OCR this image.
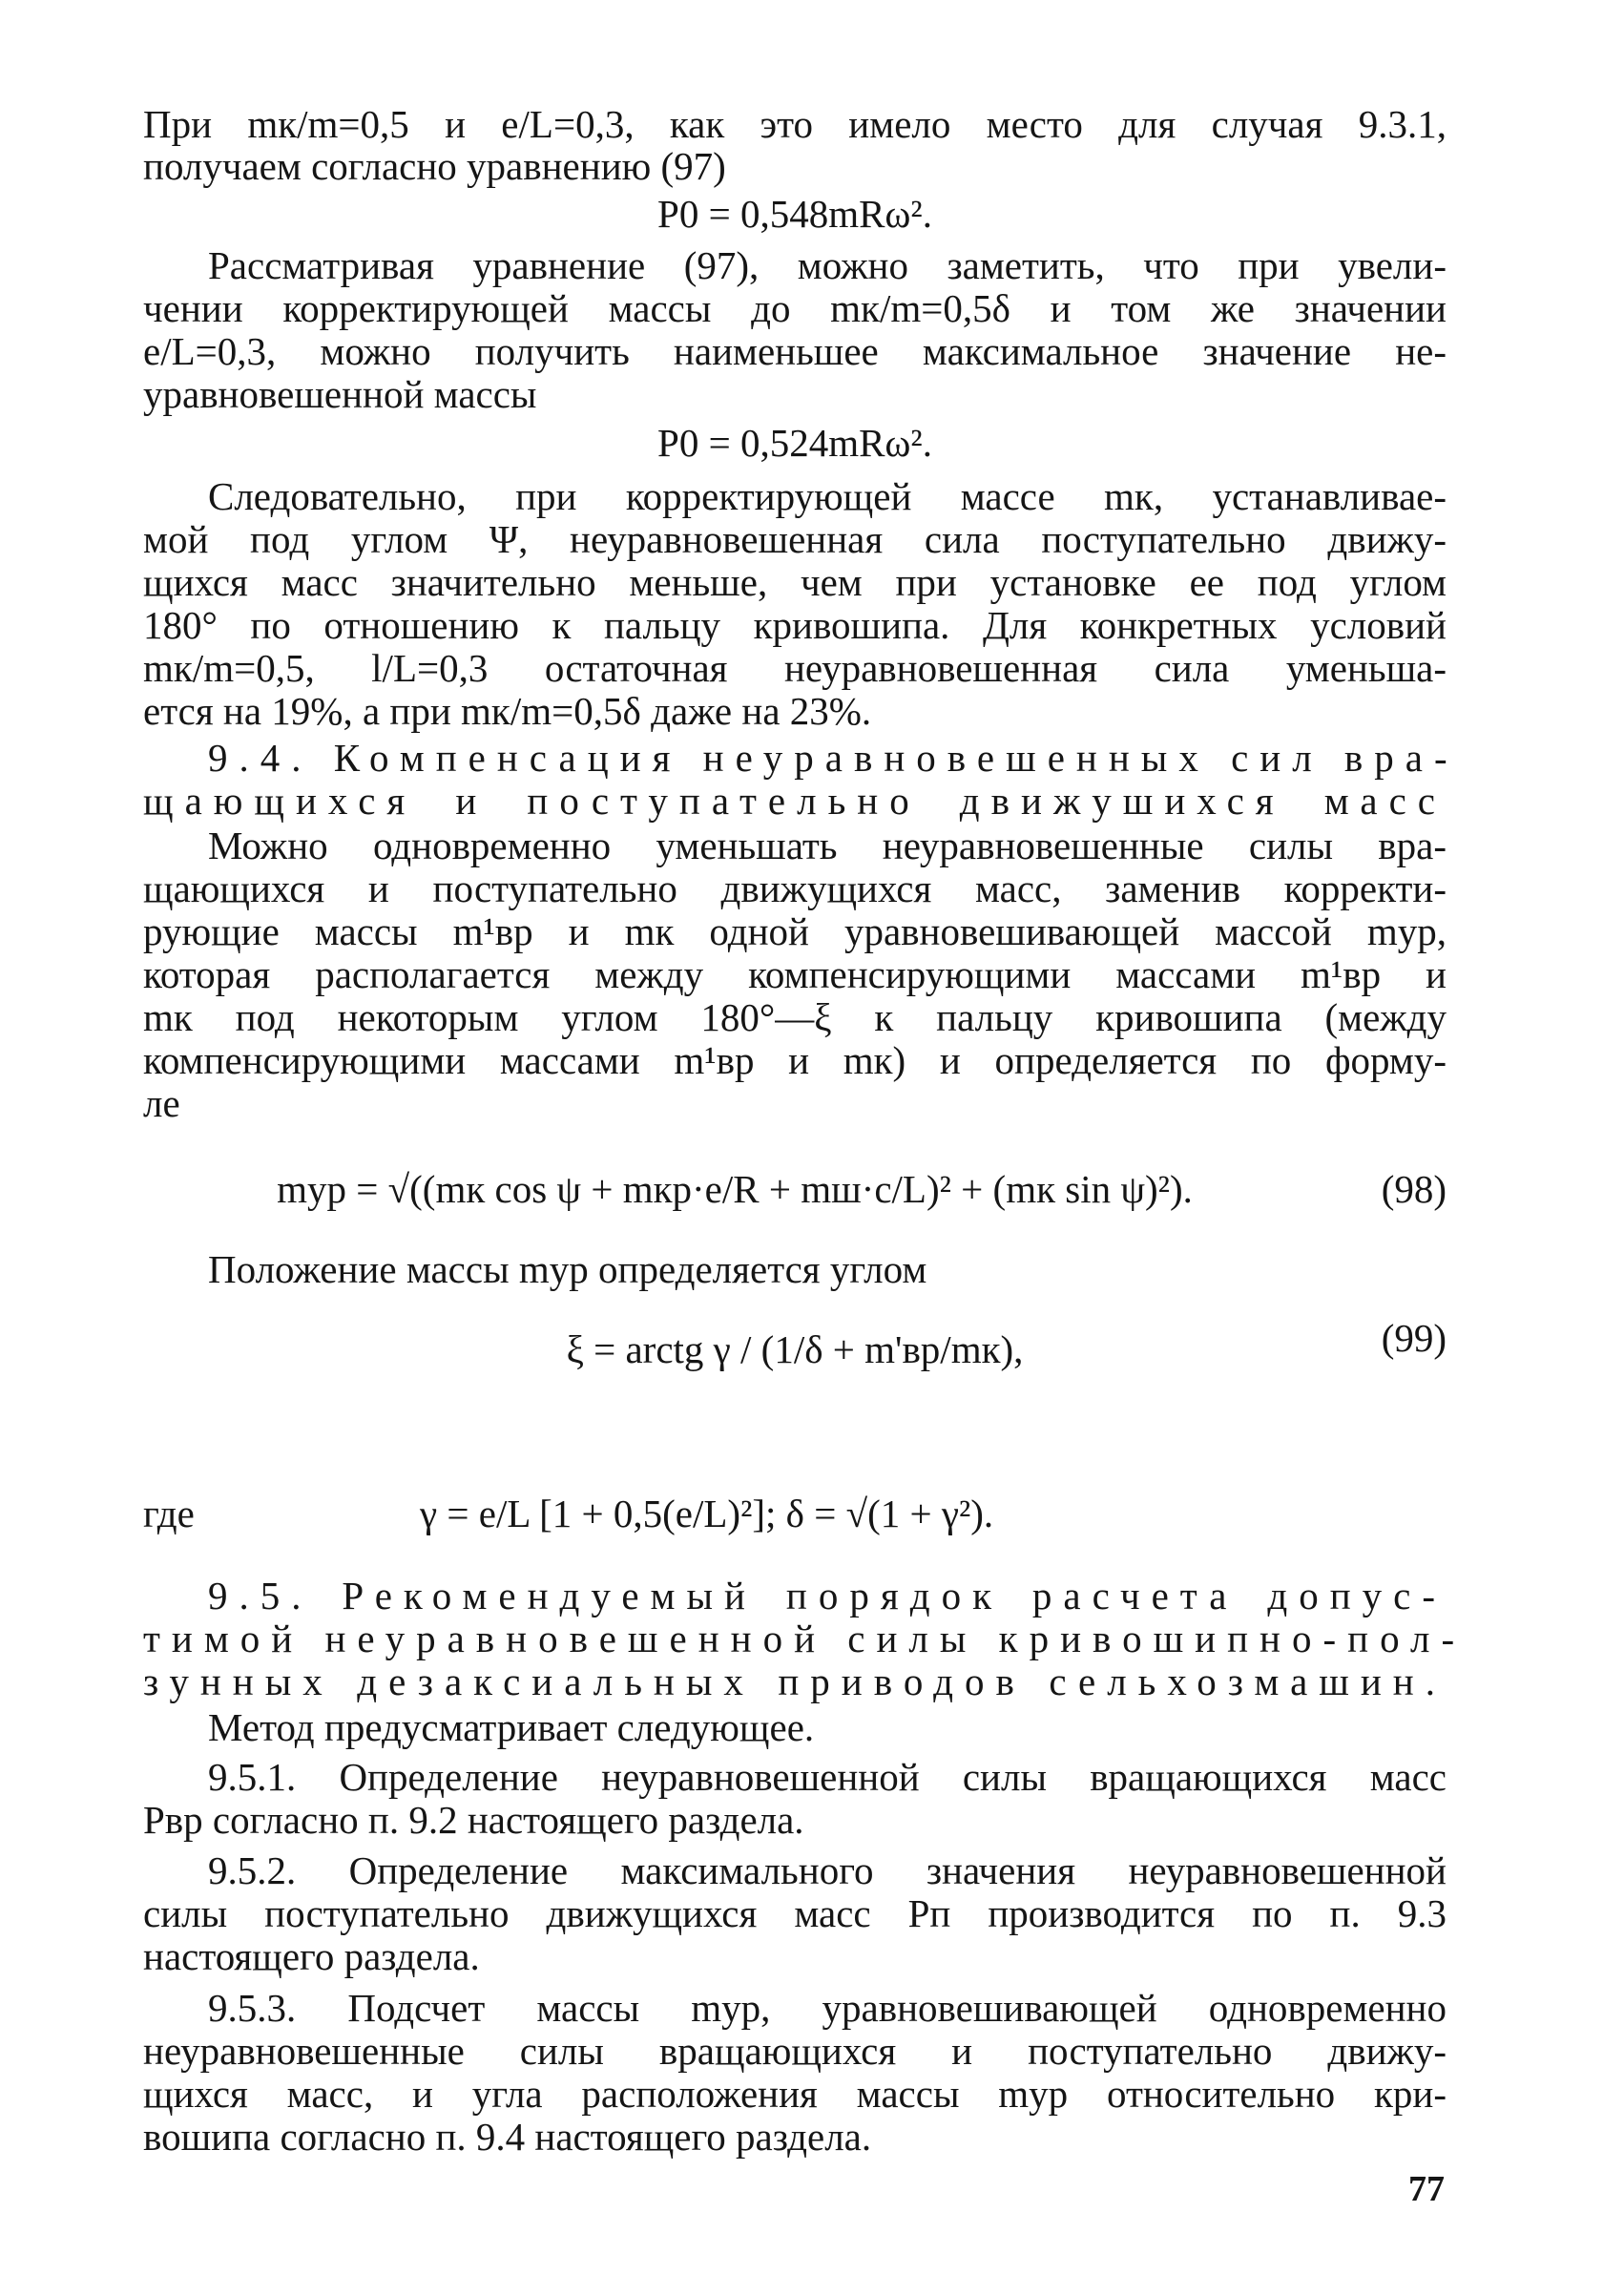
При mк/m=0,5 и e/L=0,3, как это имело место для случая 9.3.1,
получаем согласно уравнению (97)
P0 = 0,548mRω².
Рассматривая уравнение (97), можно заметить, что при увели-
чении корректирующей массы до mк/m=0,5δ и том же значении
e/L=0,3, можно получить наименьшее максимальное значение не-
уравновешенной массы
P0 = 0,524mRω².
Следовательно, при корректирующей массе mк, устанавливае-
мой под углом Ψ, неуравновешенная сила поступательно движу-
щихся масс значительно меньше, чем при установке ее под углом
180° по отношению к пальцу кривошипа. Для конкретных условий
mк/m=0,5, l/L=0,3 остаточная неуравновешенная сила уменьша-
ется на 19%, а при mк/m=0,5δ даже на 23%.
9.4. Компенсация неуравновешенных сил вра-
щающихся и поступательно движушихся масс
Можно одновременно уменьшать неуравновешенные силы вра-
щающихся и поступательно движущихся масс, заменив корректи-
рующие массы m¹вр и mк одной уравновешивающей массой mур,
которая располагается между компенсирующими массами m¹вр и
mк под некоторым углом 180°—ξ к пальцу кривошипа (между
компенсирующими массами m¹вр и mк) и определяется по форму-
ле
mур = √((mк cos ψ + mкр·e/R + mш·c/L)² + (mк sin ψ)²).	(98)
Положение массы mур определяется углом
ξ = arctg γ / (1/δ + m'вр/mк),	(99)
где	γ = e/L [1 + 0,5(e/L)²]; δ = √(1 + γ²).
9.5. Рекомендуемый порядок расчета допус-
тимой неуравновешенной силы кривошипно-пол-
зунных дезаксиальных приводов сельхозмашин.
Метод предусматривает следующее.
9.5.1. Определение неуравновешенной силы вращающихся масс
Pвр согласно п. 9.2 настоящего раздела.
9.5.2. Определение максимального значения неуравновешенной
силы поступательно движущихся масс Pп производится по п. 9.3
настоящего раздела.
9.5.3. Подсчет массы mур, уравновешивающей одновременно
неуравновешенные силы вращающихся и поступательно движу-
щихся масс, и угла расположения массы mур относительно кри-
вошипа согласно п. 9.4 настоящего раздела.
77
